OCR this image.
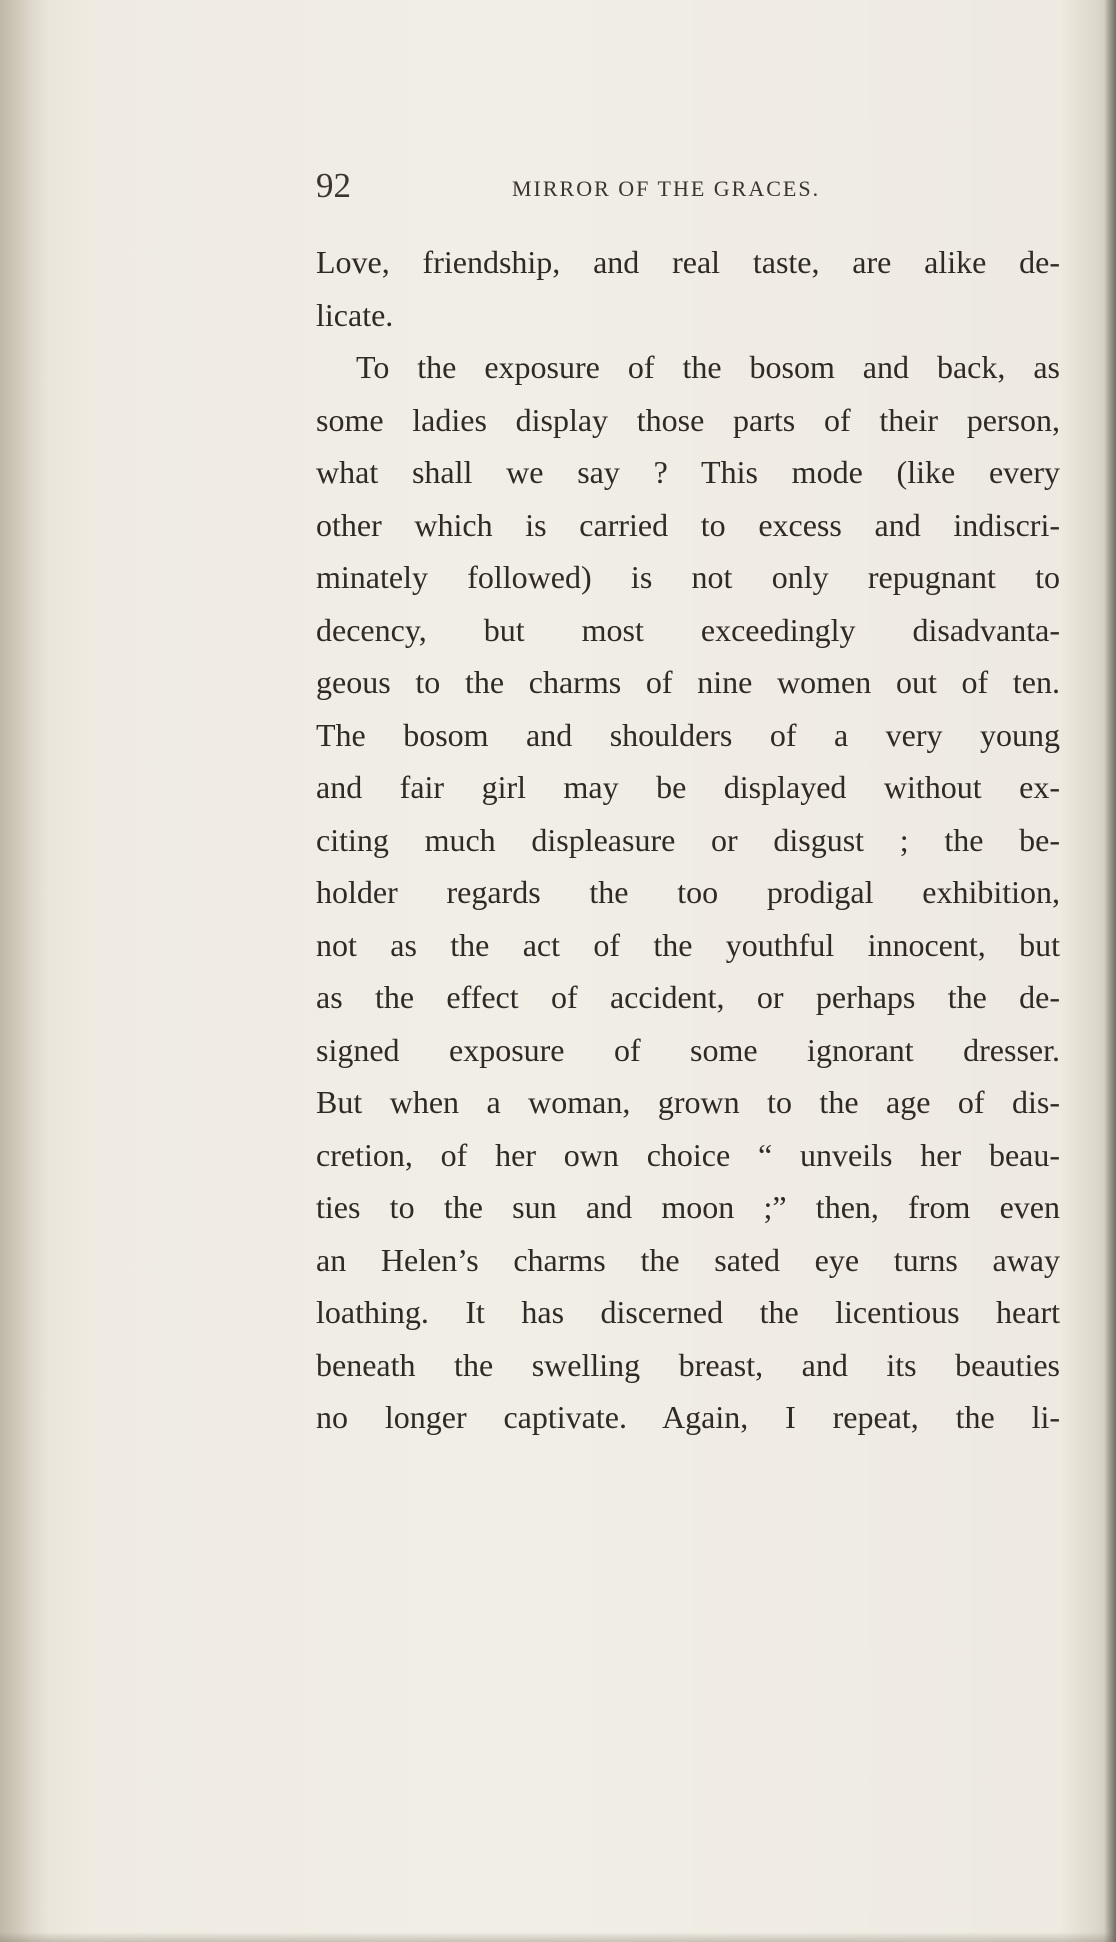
92	MIRROR OF THE GRACES.
Love, friendship, and real taste, are alike de-
licate.
To the exposure of the bosom and back, as
some ladies display those parts of their person,
what shall we say ? This mode (like every
other which is carried to excess and indiscri-
minately followed) is not only repugnant to
decency, but most exceedingly disadvanta-
geous to the charms of nine women out of ten.
The bosom and shoulders of a very young
and fair girl may be displayed without ex-
citing much displeasure or disgust ; the be-
holder regards the too prodigal exhibition,
not as the act of the youthful innocent, but
as the effect of accident, or perhaps the de-
signed exposure of some ignorant dresser.
But when a woman, grown to the age of dis-
cretion, of her own choice “ unveils her beau-
ties to the sun and moon ;” then, from even
an Helen’s charms the sated eye turns away
loathing. It has discerned the licentious heart
beneath the swelling breast, and its beauties
no longer captivate. Again, I repeat, the li-
